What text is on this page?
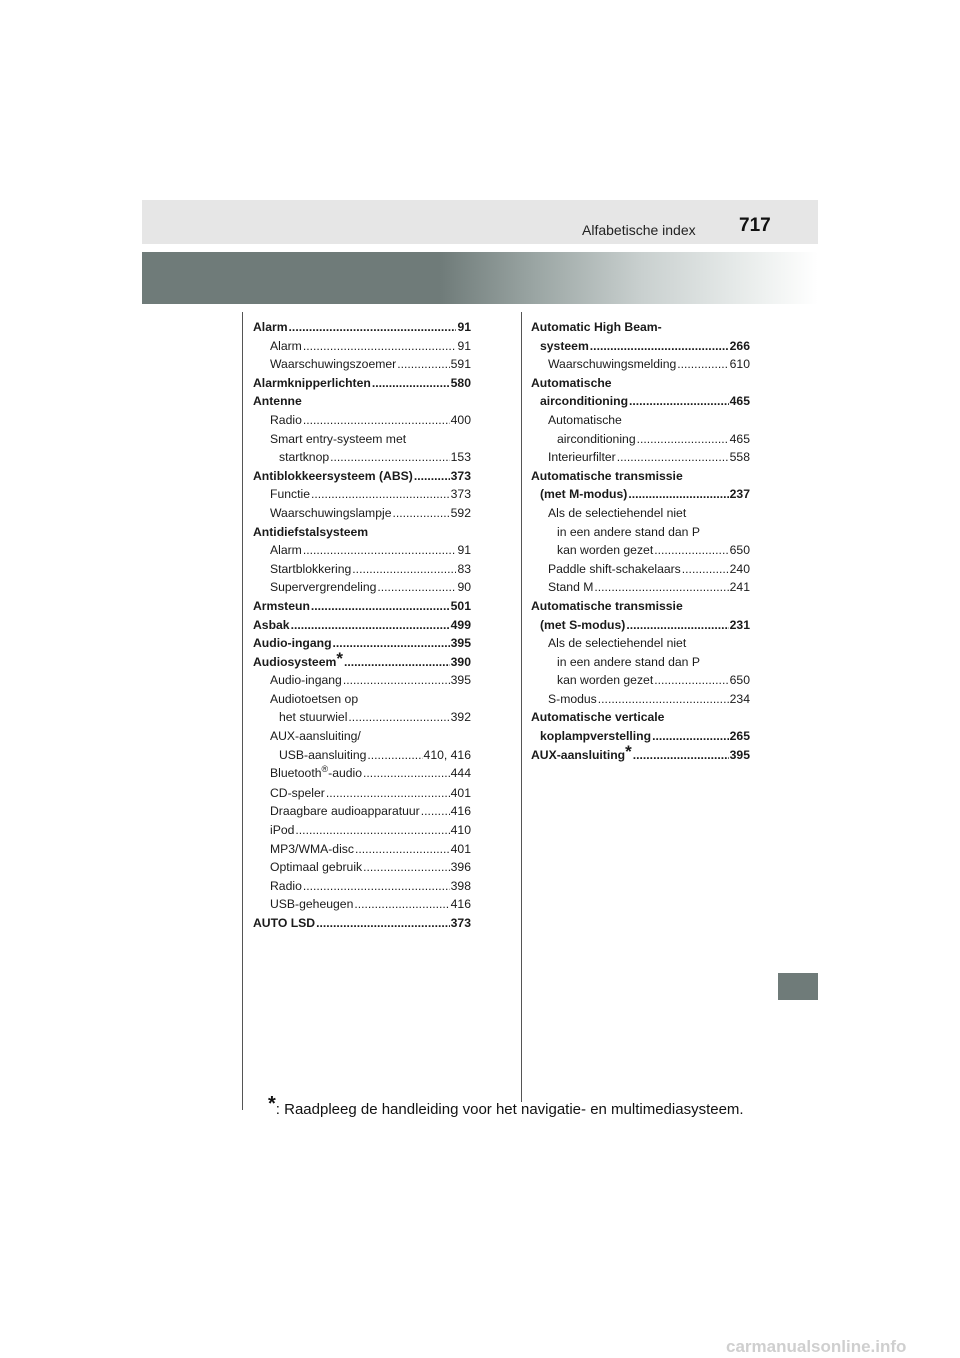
Alfabetische index 717
Alarm .....	91
Alarm .....	91
Waarschuwingszoemer .....	591
Alarmknipperlichten .....	580
Antenne
Radio .....	400
Smart entry-systeem met
startknop .....	153
Antiblokkeersysteem (ABS) .....	373
Functie .....	373
Waarschuwingslampje .....	592
Antidiefstalsysteem
Alarm .....	91
Startblokkering .....	83
Supervergrendeling .....	90
Armsteun .....	501
Asbak .....	499
Audio-ingang .....	395
Audiosysteem* .....	390
Audio-ingang .....	395
Audiotoetsen op
het stuurwiel .....	392
AUX-aansluiting/
USB-aansluiting .....	410, 416
Bluetooth®-audio .....	444
CD-speler .....	401
Draagbare audioapparatuur .....	416
iPod .....	410
MP3/WMA-disc .....	401
Optimaal gebruik .....	396
Radio .....	398
USB-geheugen .....	416
AUTO LSD .....	373
Automatic High Beam-
systeem .....	266
Waarschuwingsmelding .....	610
Automatische
airconditioning .....	465
Automatische
airconditioning .....	465
Interieurfilter .....	558
Automatische transmissie
(met M-modus) .....	237
Als de selectiehendel niet
in een andere stand dan P
kan worden gezet .....	650
Paddle shift-schakelaars .....	240
Stand M .....	241
Automatische transmissie
(met S-modus) .....	231
Als de selectiehendel niet
in een andere stand dan P
kan worden gezet .....	650
S-modus .....	234
Automatische verticale
koplampverstelling .....	265
AUX-aansluiting* .....	395
*: Raadpleeg de handleiding voor het navigatie- en multimediasysteem.
carmanualsonline.info
